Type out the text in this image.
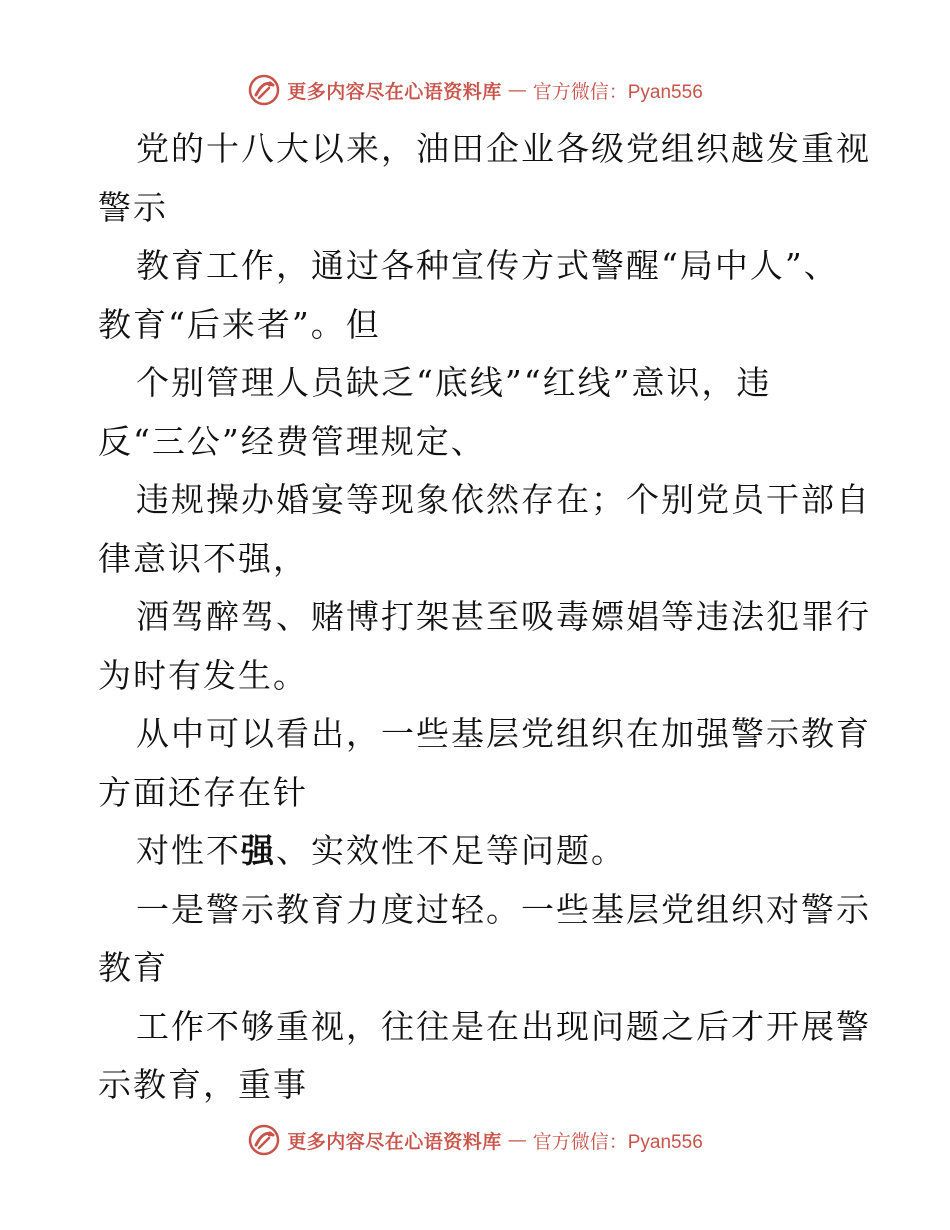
更多内容尽在心语资料库 — 官方微信：Pyan556
党的十八大以来，油田企业各级党组织越发重视
警示
教育工作，通过各种宣传方式警醒“局中人”、
教育“后来者”。但
个别管理人员缺乏“底线”“红线”意识，违
反“三公”经费管理规定、
违规操办婚宴等现象依然存在；个别党员干部自
律意识不强，
酒驾醉驾、赌博打架甚至吸毒嫖娼等违法犯罪行
为时有发生。
从中可以看出，一些基层党组织在加强警示教育
方面还存在针
对性不强、实效性不足等问题。
一是警示教育力度过轻。一些基层党组织对警示
教育
工作不够重视，往往是在出现问题之后才开展警
示教育，重事
更多内容尽在心语资料库 — 官方微信：Pyan556
